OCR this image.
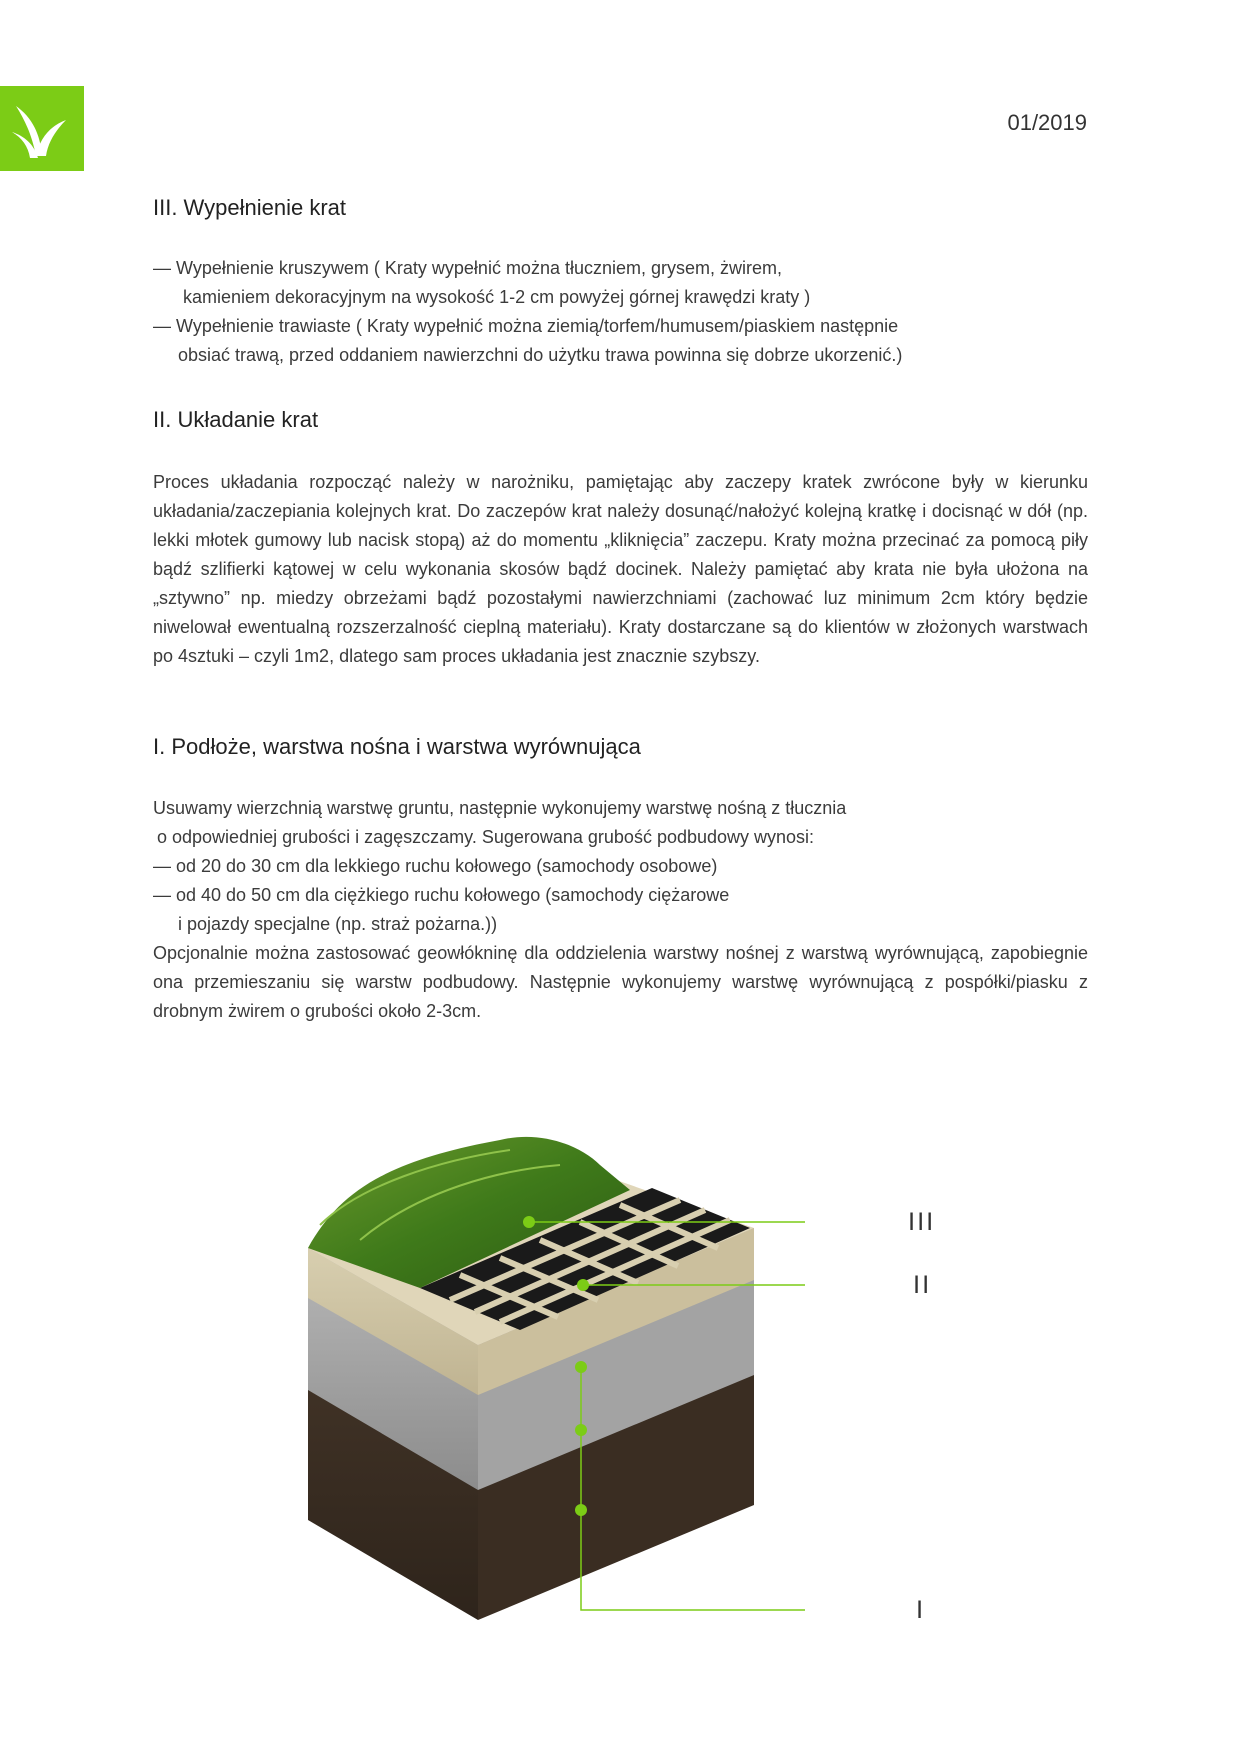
01/2019
III. Wypełnienie krat
— Wypełnienie kruszywem ( Kraty wypełnić można tłuczniem, grysem, żwirem,
kamieniem dekoracyjnym na wysokość 1-2 cm powyżej górnej krawędzi kraty )
— Wypełnienie trawiaste ( Kraty wypełnić można ziemią/torfem/humusem/piaskiem następnie
obsiać trawą, przed oddaniem nawierzchni do użytku trawa powinna się dobrze ukorzenić.)
II. Układanie krat

Proces układania rozpocząć należy w narożniku, pamiętając aby zaczepy kratek zwrócone były w kierunku układania/zaczepiania kolejnych krat. Do zaczepów krat należy dosunąć/nałożyć kolejną kratkę i docisnąć w dół (np. lekki młotek gumowy lub nacisk stopą) aż do momentu „kliknięcia” zaczepu. Kraty można przecinać za pomocą piły bądź szlifierki kątowej w celu wykonania skosów bądź docinek. Należy pamiętać aby krata nie była ułożona na „sztywno” np. miedzy obrzeżami bądź pozostałymi nawierzchniami (zachować luz minimum 2cm który będzie niwelował ewentualną rozszerzalność cieplną materiału). Kraty dostarczane są do klientów w złożonych warstwach po 4sztuki – czyli 1m2, dlatego sam proces układania jest znacznie szybszy.

I. Podłoże, warstwa nośna i warstwa wyrównująca
Usuwamy wierzchnią warstwę gruntu, następnie wykonujemy warstwę nośną z tłucznia
o odpowiedniej grubości i zagęszczamy. Sugerowana grubość podbudowy wynosi:
— od 20 do 30 cm dla lekkiego ruchu kołowego (samochody osobowe)
— od 40 do 50 cm dla ciężkiego ruchu kołowego (samochody ciężarowe
i pojazdy specjalne (np. straż pożarna.))

Opcjonalnie można zastosować geowłókninę dla oddzielenia warstwy nośnej z warstwą wyrównującą, zapobiegnie ona przemieszaniu się warstw podbudowy. Następnie wykonujemy warstwę wyrównującą z pospółki/piasku z drobnym żwirem o grubości około 2-3cm.

III
II
I
